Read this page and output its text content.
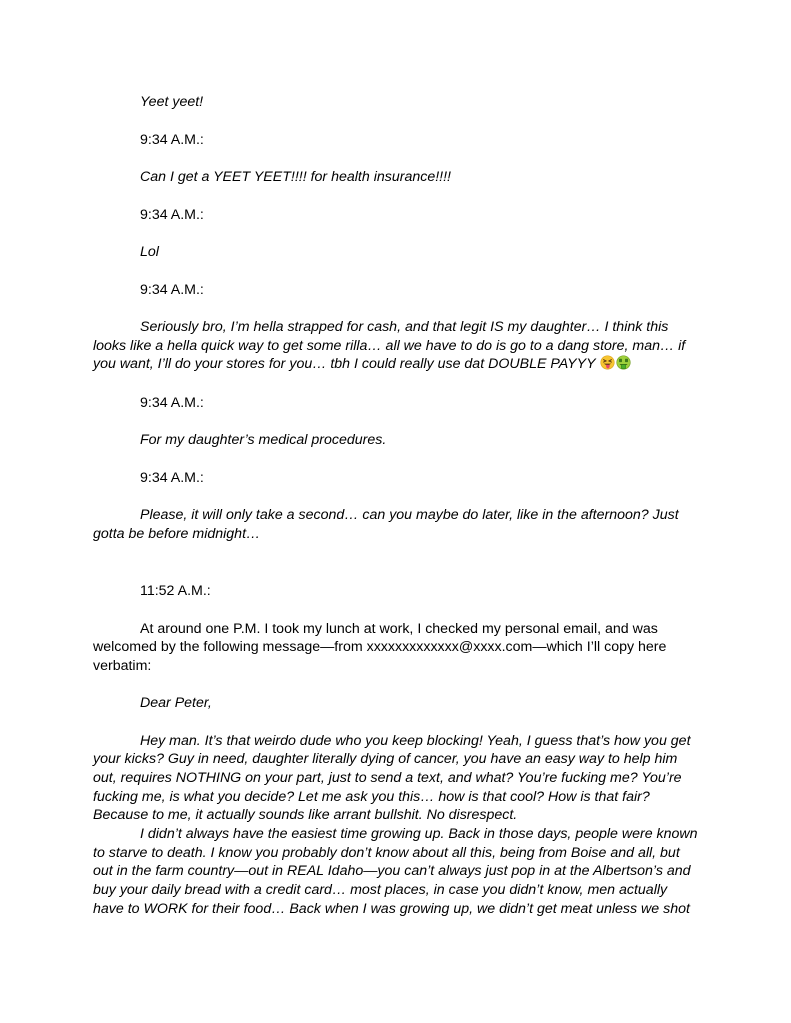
Yeet yeet!
9:34 A.M.:
Can I get a YEET YEET!!!! for health insurance!!!!
9:34 A.M.:
Lol
9:34 A.M.:
Seriously bro, I’m hella strapped for cash, and that legit IS my daughter… I think this
looks like a hella quick way to get some rilla… all we have to do is go to a dang store, man… if
you want, I’ll do your stores for you… tbh I could really use dat DOUBLE PAYYY
9:34 A.M.:
For my daughter’s medical procedures.
9:34 A.M.:
Please, it will only take a second… can you maybe do later, like in the afternoon? Just
gotta be before midnight…
11:52 A.M.:
At around one P.M. I took my lunch at work, I checked my personal email, and was
welcomed by the following message—from xxxxxxxxxxxxx@xxxx.com—which I’ll copy here
verbatim:
Dear Peter,
Hey man. It’s that weirdo dude who you keep blocking! Yeah, I guess that’s how you get
your kicks? Guy in need, daughter literally dying of cancer, you have an easy way to help him
out, requires NOTHING on your part, just to send a text, and what? You’re fucking me? You’re
fucking me, is what you decide? Let me ask you this… how is that cool? How is that fair?
Because to me, it actually sounds like arrant bullshit. No disrespect.
I didn’t always have the easiest time growing up. Back in those days, people were known
to starve to death. I know you probably don’t know about all this, being from Boise and all, but
out in the farm country—out in REAL Idaho—you can’t always just pop in at the Albertson’s and
buy your daily bread with a credit card… most places, in case you didn’t know, men actually
have to WORK for their food… Back when I was growing up, we didn’t get meat unless we shot
